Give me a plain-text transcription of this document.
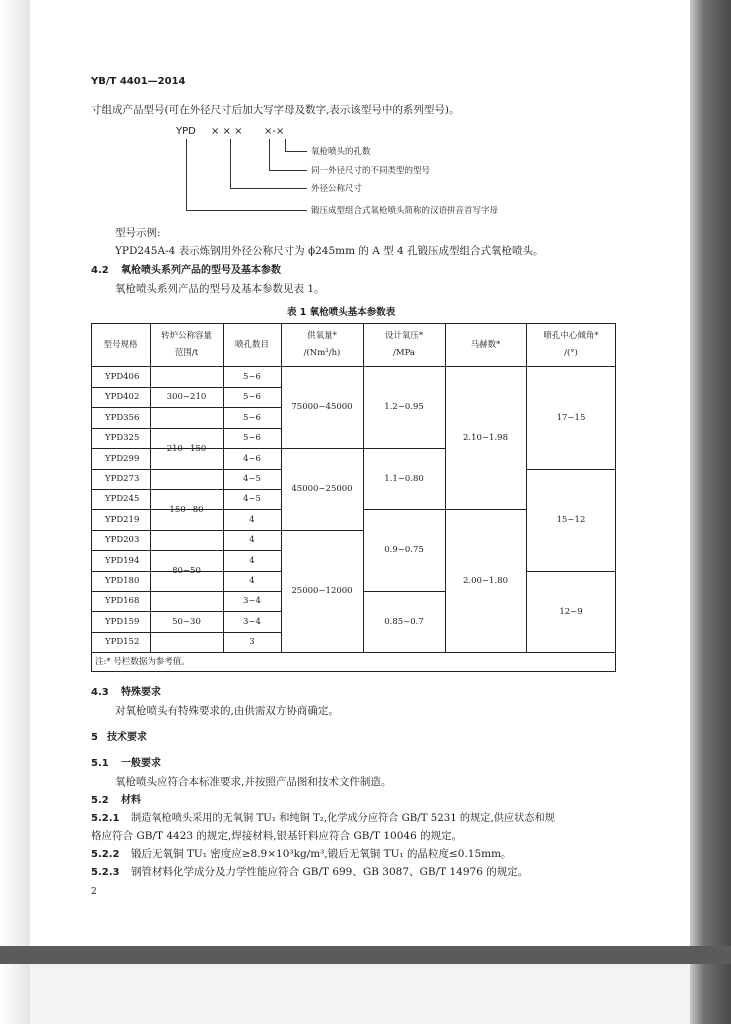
YB/T 4401—2014
寸组成产品型号(可在外径尺寸后加大写字母及数字,表示该型号中的系列型号)。
YPD × × × ×-×
氧枪喷头的孔数
同一外径尺寸的不同类型的型号
外径公称尺寸
锻压成型组合式氧枪喷头简称的汉语拼音首写字母
型号示例:
YPD245A-4 表示炼钢用外径公称尺寸为 ϕ245mm 的 A 型 4 孔锻压成型组合式氧枪喷头。
4.2 氧枪喷头系列产品的型号及基本参数
氧枪喷头系列产品的型号及基本参数见表 1。
表 1 氧枪喷头基本参数表
型号规格
转炉公称容量
范围/t
喷孔数目
供氧量*
/(Nm³/h)
设计氧压*
/MPa
马赫数*
喷孔中心倾角*
/(°)
YPD406
YPD402
YPD356
YPD325
YPD299
YPD273
YPD245
YPD219
YPD203
YPD194
YPD180
YPD168
YPD159
YPD152
300~210
210~150
150~80
80~50
50~30
5~6
5~6
5~6
5~6
4~6
4~5
4~5
4
4
4
4
3~4
3~4
3
75000~45000
45000~25000
25000~12000
1.2~0.95
1.1~0.80
0.9~0.75
0.85~0.7
2.10~1.98
2.00~1.80
17~15
15~12
12~9
注:* 号栏数据为参考值。
4.3 特殊要求
对氧枪喷头有特殊要求的,由供需双方协商确定。
5 技术要求
5.1 一般要求
氧枪喷头应符合本标准要求,并按照产品图和技术文件制造。
5.2 材料
5.2.1 制造氧枪喷头采用的无氧铜 TU₁ 和纯铜 T₂,化学成分应符合 GB/T 5231 的规定,供应状态和规
格应符合 GB/T 4423 的规定,焊接材料,银基钎料应符合 GB/T 10046 的规定。
5.2.2 锻后无氧铜 TU₁ 密度应≥8.9×10³kg/m³,锻后无氧铜 TU₁ 的晶粒度≤0.15mm。
5.2.3 钢管材料化学成分及力学性能应符合 GB/T 699、GB 3087、GB/T 14976 的规定。
2
